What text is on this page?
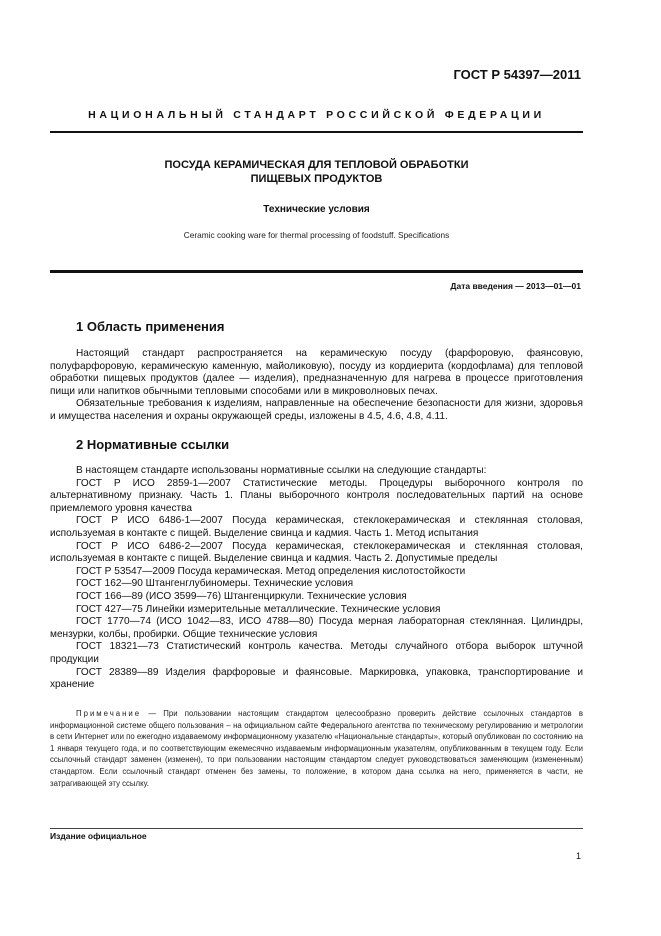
ГОСТ Р 54397—2011
НАЦИОНАЛЬНЫЙ СТАНДАРТ РОССИЙСКОЙ ФЕДЕРАЦИИ
ПОСУДА КЕРАМИЧЕСКАЯ ДЛЯ ТЕПЛОВОЙ ОБРАБОТКИ
ПИЩЕВЫХ ПРОДУКТОВ
Технические условия
Ceramic cooking ware for thermal processing of foodstuff. Specifications
Дата введения — 2013—01—01
1 Область применения

Настоящий стандарт распространяется на керамическую посуду (фарфоровую, фаянсовую, полуфарфоровую, керамическую каменную, майоликовую), посуду из кордиерита (кордофлама) для тепловой обработки пищевых продуктов (далее — изделия), предназначенную для нагрева в процессе приготовления пищи или напитков обычными тепловыми способами или в микроволновых печах.

Обязательные требования к изделиям, направленные на обеспечение безопасности для жизни, здоровья и имущества населения и охраны окружающей среды, изложены в 4.5, 4.6, 4.8, 4.11.

2 Нормативные ссылки

В настоящем стандарте использованы нормативные ссылки на следующие стандарты:

ГОСТ Р ИСО 2859-1—2007 Статистические методы. Процедуры выборочного контроля по альтернативному признаку. Часть 1. Планы выборочного контроля последовательных партий на основе приемлемого уровня качества

ГОСТ Р ИСО 6486-1—2007 Посуда керамическая, стеклокерамическая и стеклянная столовая, используемая в контакте с пищей. Выделение свинца и кадмия. Часть 1. Метод испытания

ГОСТ Р ИСО 6486-2—2007 Посуда керамическая, стеклокерамическая и стеклянная столовая, используемая в контакте с пищей. Выделение свинца и кадмия. Часть 2. Допустимые пределы

ГОСТ Р 53547—2009 Посуда керамическая. Метод определения кислотостойкости

ГОСТ 162—90 Штангенглубиномеры. Технические условия

ГОСТ 166—89 (ИСО 3599—76) Штангенциркули. Технические условия

ГОСТ 427—75 Линейки измерительные металлические. Технические условия

ГОСТ 1770—74 (ИСО 1042—83, ИСО 4788—80) Посуда мерная лабораторная стеклянная. Цилиндры, мензурки, колбы, пробирки. Общие технические условия

ГОСТ 18321—73 Статистический контроль качества. Методы случайного отбора выборок штучной продукции

ГОСТ 28389—89 Изделия фарфоровые и фаянсовые. Маркировка, упаковка, транспортирование и хранение

Примечание — При пользовании настоящим стандартом целесообразно проверить действие ссылочных стандартов в информационной системе общего пользования – на официальном сайте Федерального агентства по техническому регулированию и метрологии в сети Интернет или по ежегодно издаваемому информационному указателю «Национальные стандарты», который опубликован по состоянию на 1 января текущего года, и по соответствующим ежемесячно издаваемым информационным указателям, опубликованным в текущем году. Если ссылочный стандарт заменен (изменен), то при пользовании настоящим стандартом следует руководствоваться заменяющим (измененным) стандартом. Если ссылочный стандарт отменен без замены, то положение, в котором дана ссылка на него, применяется в части, не затрагивающей эту ссылку.

Издание официальное
1
